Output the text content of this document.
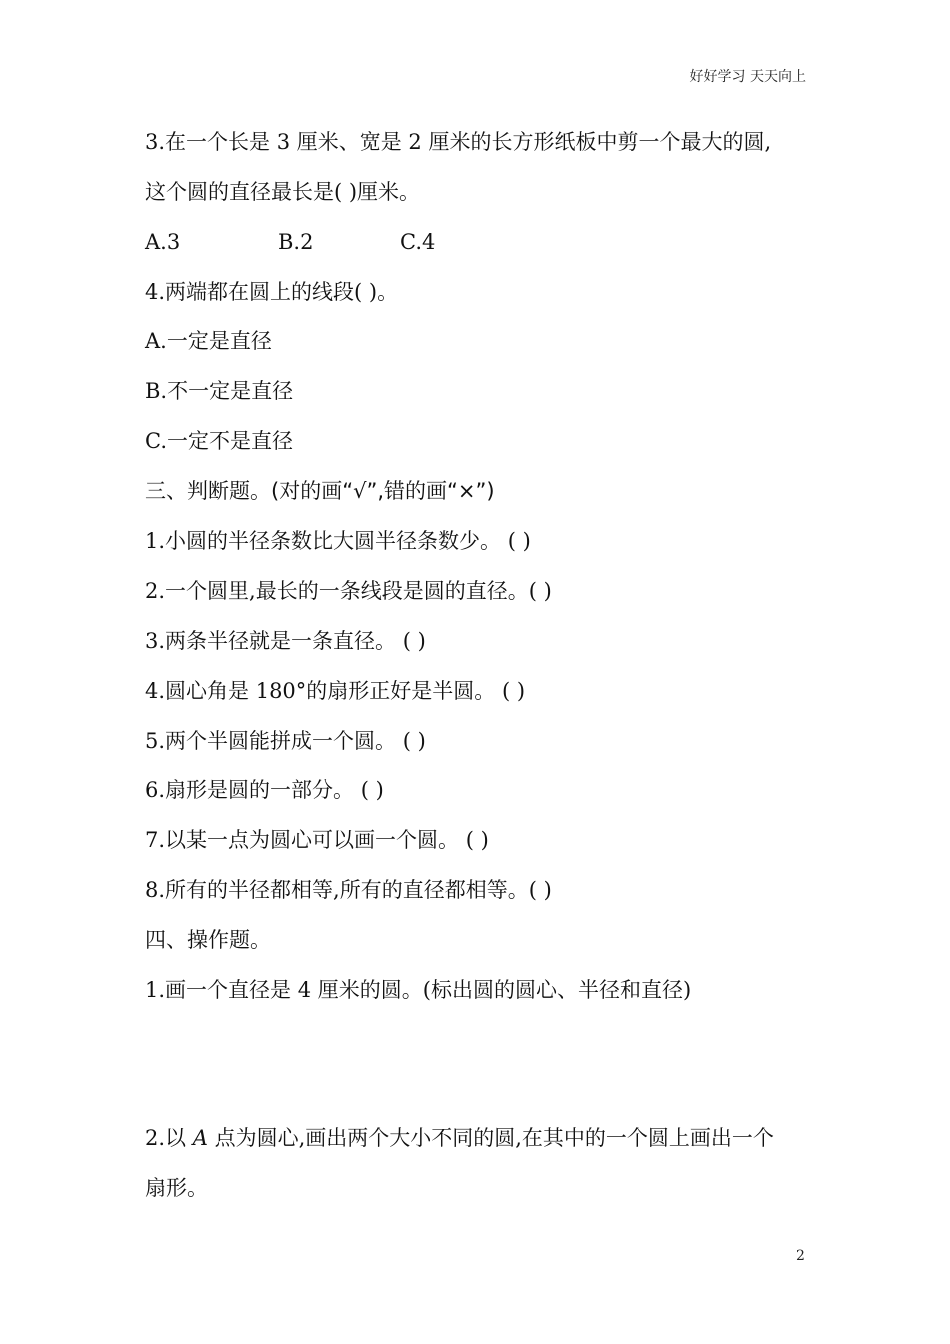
好好学习 天天向上
3.在一个长是 3 厘米、宽是 2 厘米的长方形纸板中剪一个最大的圆,
这个圆的直径最长是( )厘米。
A.3	B.2	C.4
4.两端都在圆上的线段( )。
A.一定是直径
B.不一定是直径
C.一定不是直径
三、判断题。(对的画“√”,错的画“×”)
1.小圆的半径条数比大圆半径条数少。 ( )
2.一个圆里,最长的一条线段是圆的直径。( )
3.两条半径就是一条直径。 ( )
4.圆心角是 180°的扇形正好是半圆。 ( )
5.两个半圆能拼成一个圆。 ( )
6.扇形是圆的一部分。 ( )
7.以某一点为圆心可以画一个圆。 ( )
8.所有的半径都相等,所有的直径都相等。( )
四、操作题。
1.画一个直径是 4 厘米的圆。(标出圆的圆心、半径和直径)
2.以 A 点为圆心,画出两个大小不同的圆,在其中的一个圆上画出一个
扇形。
2
